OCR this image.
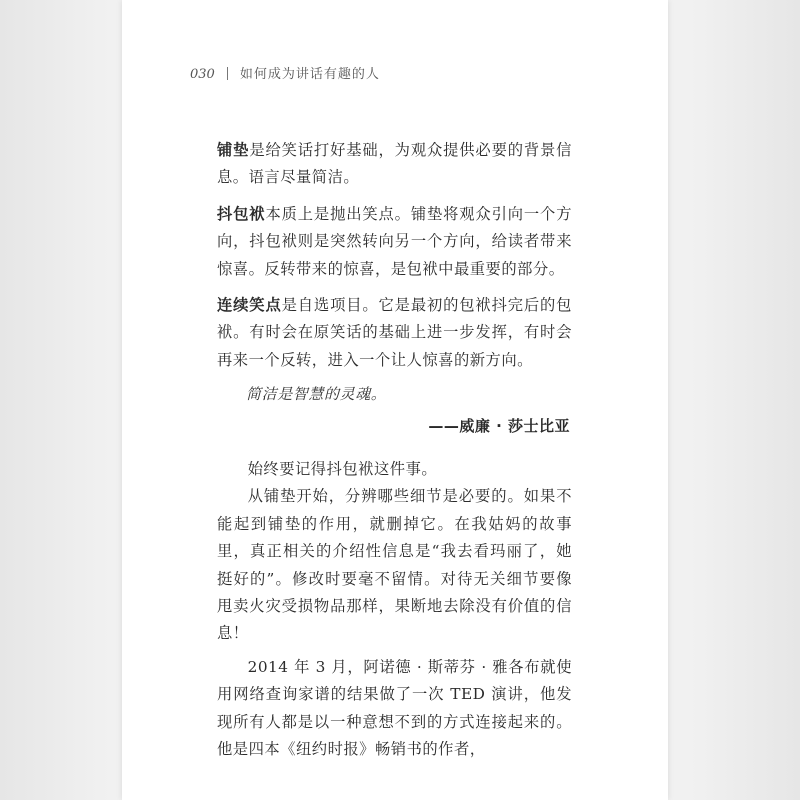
030 如何成为讲话有趣的人

铺垫是给笑话打好基础，为观众提供必要的背景信息。语言尽量简洁。

抖包袱本质上是抛出笑点。铺垫将观众引向一个方向，抖包袱则是突然转向另一个方向，给读者带来惊喜。反转带来的惊喜，是包袱中最重要的部分。

连续笑点是自选项目。它是最初的包袱抖完后的包袱。有时会在原笑话的基础上进一步发挥，有时会再来一个反转，进入一个让人惊喜的新方向。

简洁是智慧的灵魂。
——威廉 · 莎士比亚

始终要记得抖包袱这件事。

从铺垫开始，分辨哪些细节是必要的。如果不能起到铺垫的作用，就删掉它。在我姑妈的故事里，真正相关的介绍性信息是“我去看玛丽了，她挺好的”。修改时要毫不留情。对待无关细节要像甩卖火灾受损物品那样，果断地去除没有价值的信息！

2014 年 3 月，阿诺德 · 斯蒂芬 · 雅各布就使用网络查询家谱的结果做了一次 TED 演讲，他发现所有人都是以一种意想不到的方式连接起来的。他是四本《纽约时报》畅销书的作者，
